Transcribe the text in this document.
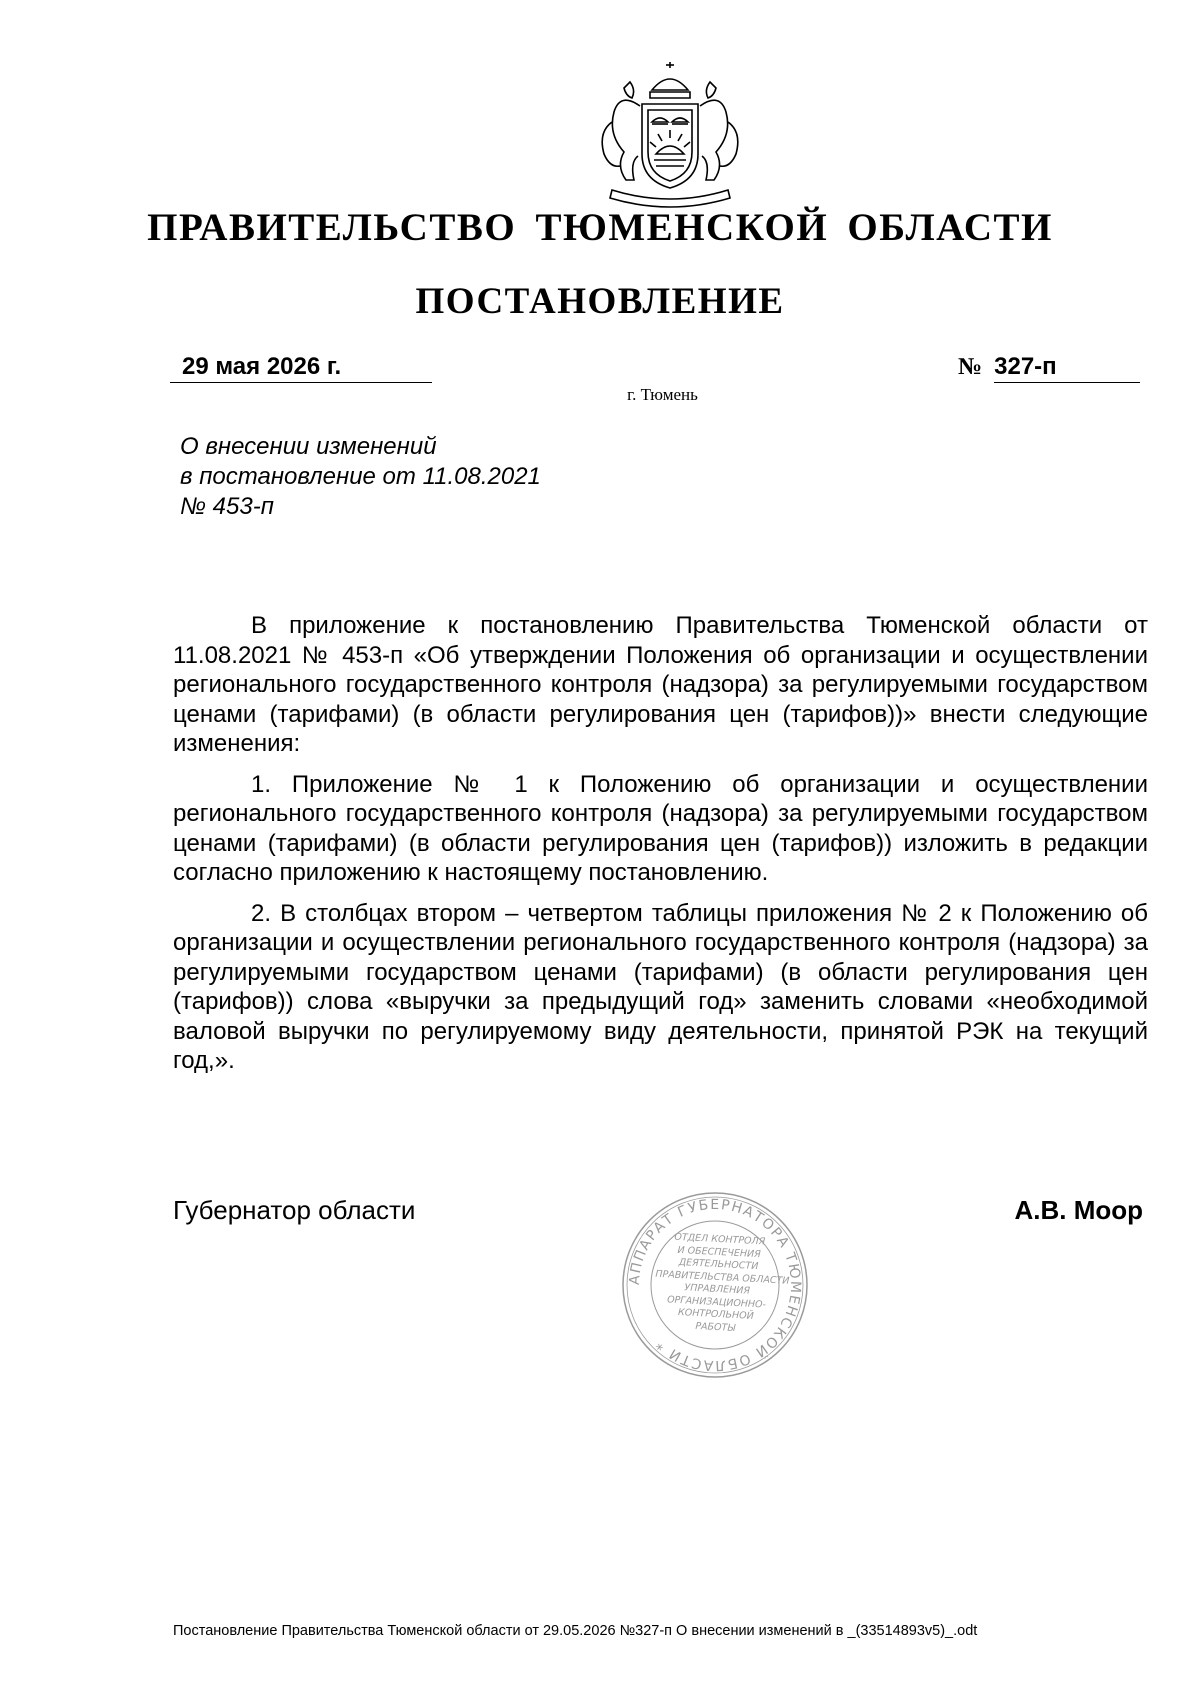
ПРАВИТЕЛЬСТВО ТЮМЕНСКОЙ ОБЛАСТИ
ПОСТАНОВЛЕНИЕ
29 мая 2026 г.	№ 327-п
г. Тюмень
О внесении изменений
в постановление от 11.08.2021
№ 453-п

В приложение к постановлению Правительства Тюменской области от 11.08.2021 № 453-п «Об утверждении Положения об организации и осуществлении регионального государственного контроля (надзора) за регулируемыми государством ценами (тарифами) (в области регулирования цен (тарифов))» внести следующие изменения:

1. Приложение № 1 к Положению об организации и осуществлении регионального государственного контроля (надзора) за регулируемыми государством ценами (тарифами) (в области регулирования цен (тарифов)) изложить в редакции согласно приложению к настоящему постановлению.

2. В столбцах втором – четвертом таблицы приложения № 2 к Положению об организации и осуществлении регионального государственного контроля (надзора) за регулируемыми государством ценами (тарифами) (в области регулирования цен (тарифов)) слова «выручки за предыдущий год» заменить словами «необходимой валовой выручки по регулируемому виду деятельности, принятой РЭК на текущий год,».

Губернатор области	А.В. Моор
АППАРАТ ГУБЕРНАТОРА ТЮМЕНСКОЙ ОБЛАСТИ *
ОТДЕЛ КОНТРОЛЯ
И ОБЕСПЕЧЕНИЯ
ДЕЯТЕЛЬНОСТИ
ПРАВИТЕЛЬСТВА ОБЛАСТИ
УПРАВЛЕНИЯ
ОРГАНИЗАЦИОННО-
КОНТРОЛЬНОЙ
РАБОТЫ
Постановление Правительства Тюменской области от 29.05.2026 №327-п О внесении изменений в _(33514893v5)_.odt
